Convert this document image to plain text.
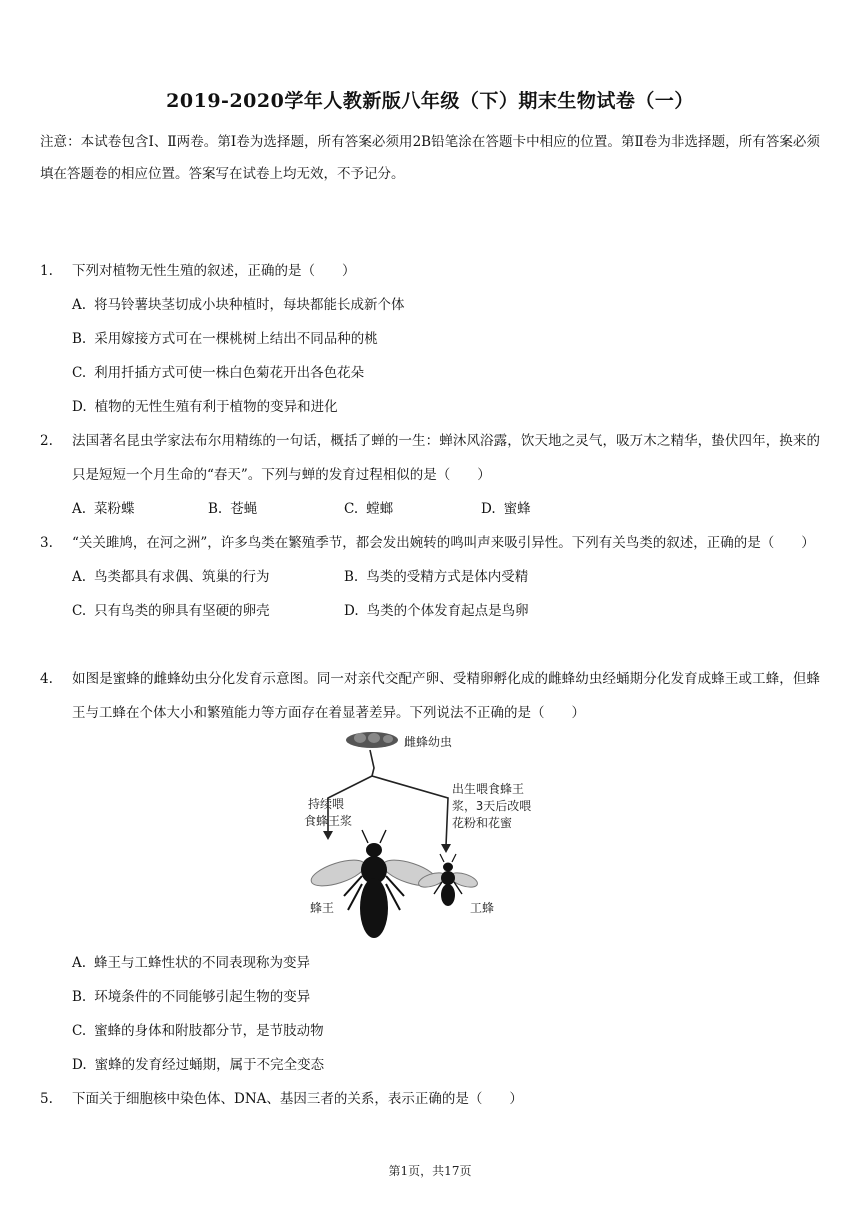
2019-2020学年人教新版八年级（下）期末生物试卷（一）
注意：本试卷包含Ⅰ、Ⅱ两卷。第Ⅰ卷为选择题，所有答案必须用2B铅笔涂在答题卡中相应的位置。第Ⅱ卷为非选择题，所有答案必须填在答题卷的相应位置。答案写在试卷上均无效，不予记分。
1.	下列对植物无性生殖的叙述，正确的是（　　）
A. 将马铃薯块茎切成小块种植时，每块都能长成新个体
B. 采用嫁接方式可在一棵桃树上结出不同品种的桃
C. 利用扦插方式可使一株白色菊花开出各色花朵
D. 植物的无性生殖有利于植物的变异和进化
2.	法国著名昆虫学家法布尔用精练的一句话，概括了蝉的一生：蝉沐风浴露，饮天地之灵气，吸万木之精华，蛰伏四年，换来的只是短短一个月生命的“春天”。下列与蝉的发育过程相似的是（　　）
A. 菜粉蝶	B. 苍蝇	C. 螳螂	D. 蜜蜂
3.	“关关雎鸠，在河之洲”，许多鸟类在繁殖季节，都会发出婉转的鸣叫声来吸引异性。下列有关鸟类的叙述，正确的是（　　）
A. 鸟类都具有求偶、筑巢的行为	B. 鸟类的受精方式是体内受精
C. 只有鸟类的卵具有坚硬的卵壳	D. 鸟类的个体发育起点是鸟卵
4.	如图是蜜蜂的雌蜂幼虫分化发育示意图。同一对亲代交配产卵、受精卵孵化成的雌蜂幼虫经蛹期分化发育成蜂王或工蜂，但蜂王与工蜂在个体大小和繁殖能力等方面存在着显著差异。下列说法不正确的是（　　）
雌蜂幼虫
持续喂
食蜂王浆
出生喂食蜂王
浆，3天后改喂
花粉和花蜜
蜂王	工蜂
A. 蜂王与工蜂性状的不同表现称为变异
B. 环境条件的不同能够引起生物的变异
C. 蜜蜂的身体和附肢都分节，是节肢动物
D. 蜜蜂的发育经过蛹期，属于不完全变态
5.	下面关于细胞核中染色体、DNA、基因三者的关系，表示正确的是（　　）
第1页，共17页
